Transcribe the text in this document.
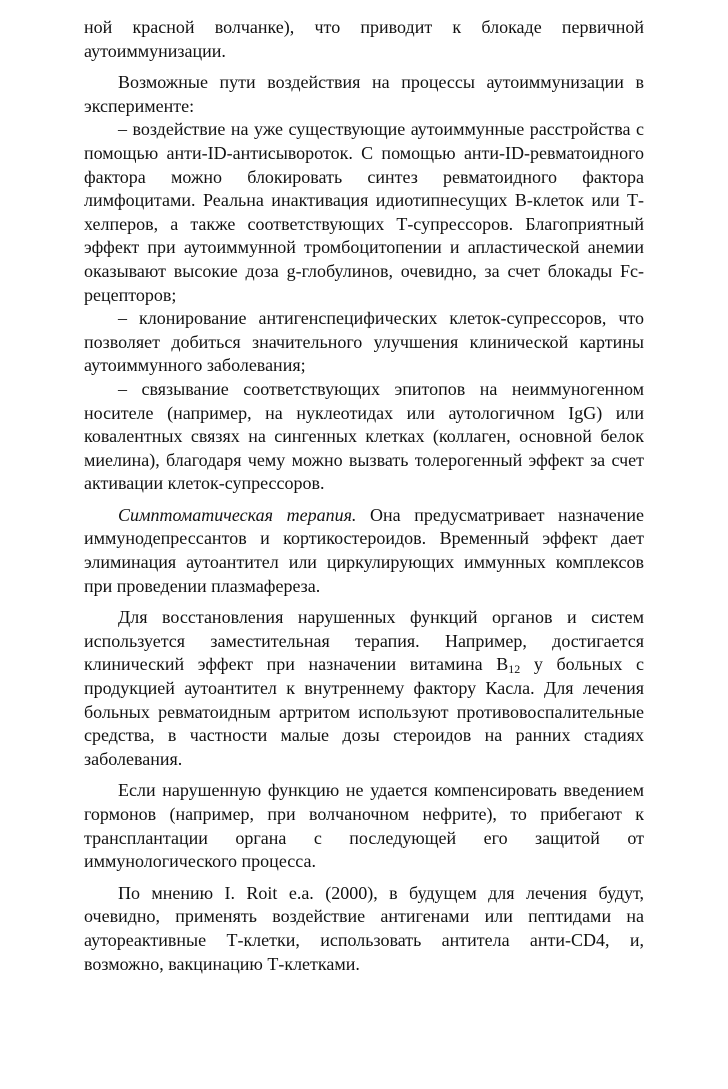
ной красной волчанке), что приводит к блокаде первичной аутоиммунизации.

Возможные пути воздействия на процессы аутоиммунизации в эксперименте:

– воздействие на уже существующие аутоиммунные расстройства с помощью анти-ID-антисывороток. С помощью анти-ID-ревматоидного фактора можно блокировать синтез ревматоидного фактора лимфоцитами. Реальна инактивация идиотипнесущих В-клеток или Т-хелперов, а также соответствующих Т-супрессоров. Благоприятный эффект при аутоиммунной тромбоцитопении и апластической анемии оказывают высокие доза g-глобулинов, очевидно, за счет блокады Fc-рецепторов;

– клонирование антигенспецифических клеток-супрессоров, что позволяет добиться значительного улучшения клинической картины аутоиммунного заболевания;

– связывание соответствующих эпитопов на неиммуногенном носителе (например, на нуклеотидах или аутологичном IgG) или ковалентных связях на сингенных клетках (коллаген, основной белок миелина), благодаря чему можно вызвать толерогенный эффект за счет активации клеток-супрессоров.

Симптоматическая терапия. Она предусматривает назначение иммунодепрессантов и кортикостероидов. Временный эффект дает элиминация аутоантител или циркулирующих иммунных комплексов при проведении плазмафереза.

Для восстановления нарушенных функций органов и систем используется заместительная терапия. Например, достигается клинический эффект при назначении витамина $B_{12}$ у больных с продукцией аутоантител к внутреннему фактору Касла. Для лечения больных ревматоидным артритом используют противовоспалительные средства, в частности малые дозы стероидов на ранних стадиях заболевания.

Если нарушенную функцию не удается компенсировать введением гормонов (например, при волчаночном нефрите), то прибегают к трансплантации органа с последующей его защитой от иммунологического процесса.

По мнению I. Roit e.a. (2000), в будущем для лечения будут, очевидно, применять воздействие антигенами или пептидами на аутореактивные Т-клетки, использовать антитела анти-CD4, и, возможно, вакцинацию Т-клетками.
